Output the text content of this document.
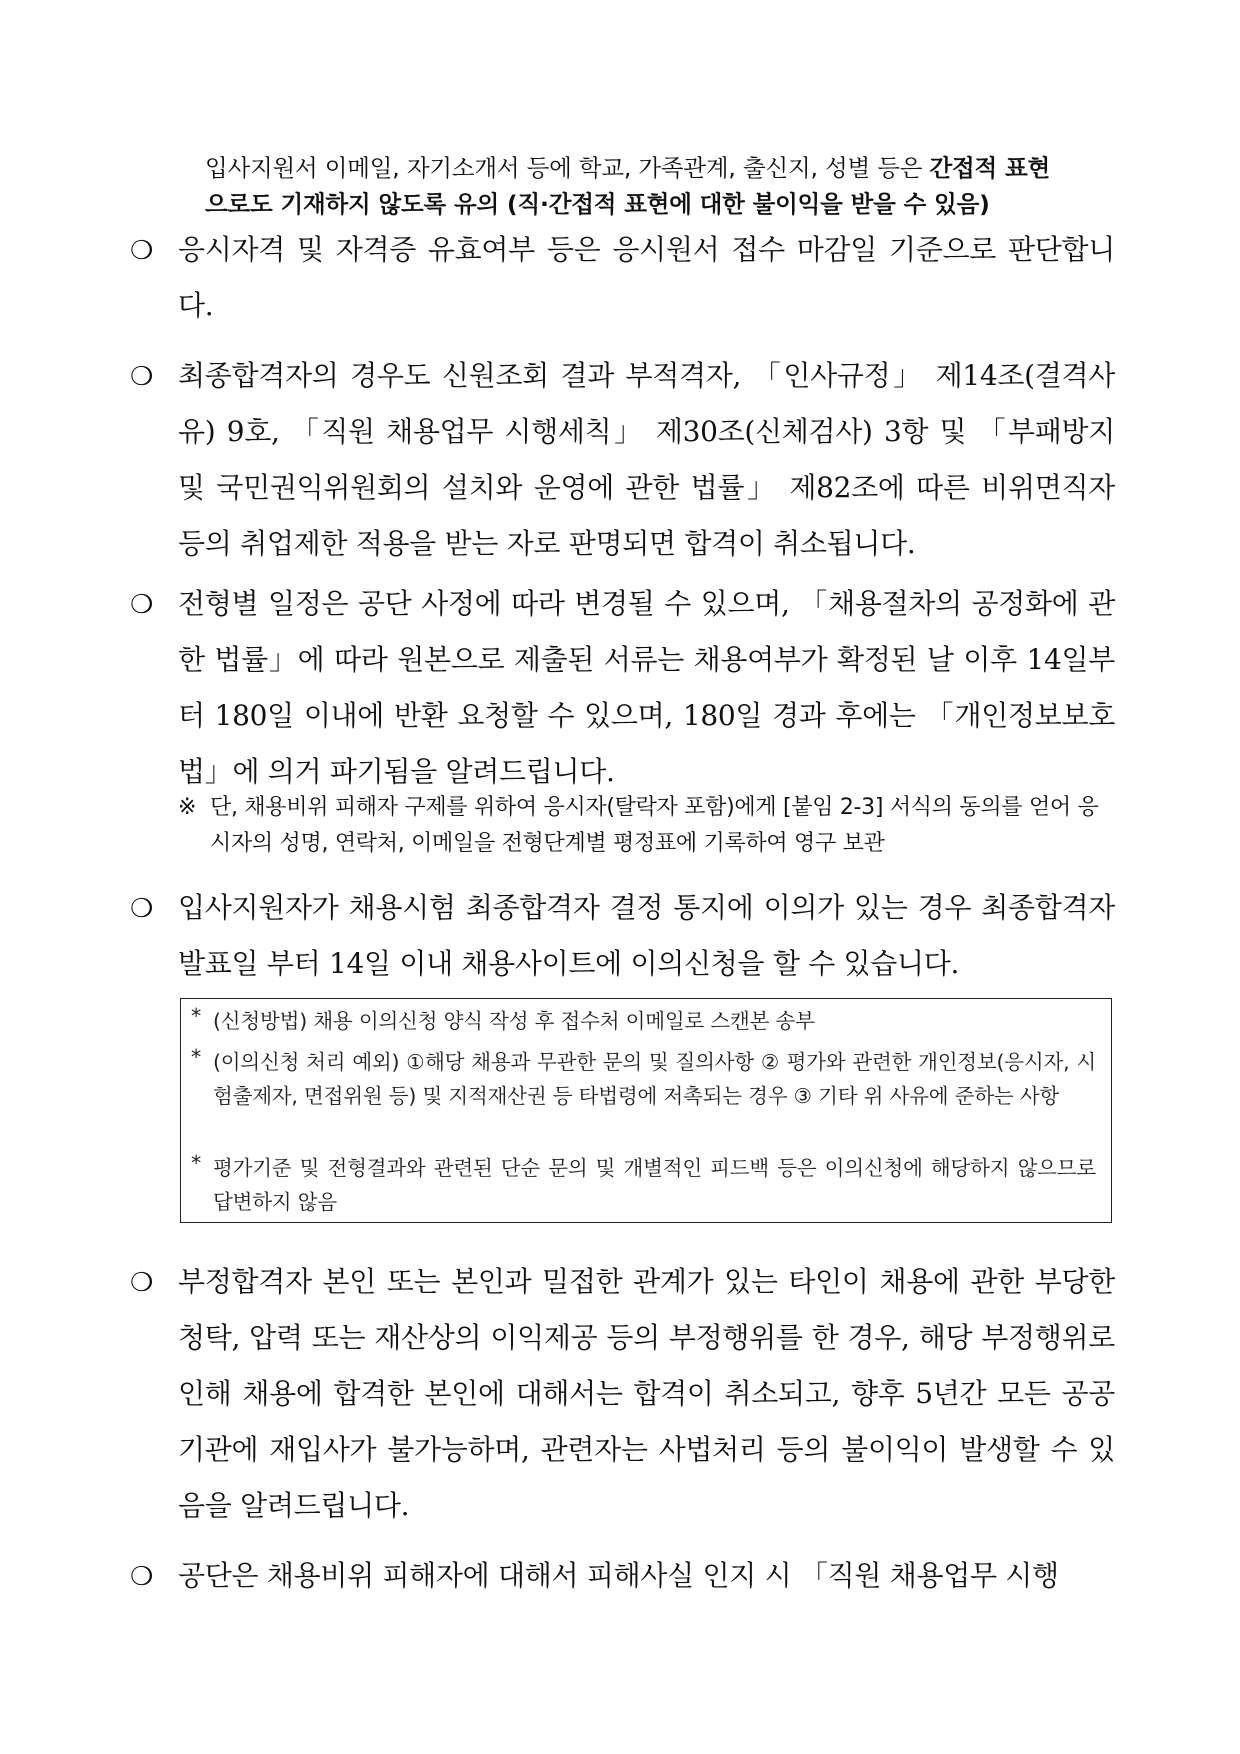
입사지원서 이메일, 자기소개서 등에 학교, 가족관계, 출신지, 성별 등은 간접적 표현
으로도 기재하지 않도록 유의 (직·간접적 표현에 대한 불이익을 받을 수 있음)
❍ 응시자격 및 자격증 유효여부 등은 응시원서 접수 마감일 기준으로 판단합니다.
❍ 최종합격자의 경우도 신원조회 결과 부적격자, 「인사규정」 제14조(결격사유) 9호, 「직원 채용업무 시행세칙」 제30조(신체검사) 3항 및 「부패방지 및 국민권익위원회의 설치와 운영에 관한 법률」 제82조에 따른 비위면직자 등의 취업제한 적용을 받는 자로 판명되면 합격이 취소됩니다.
❍ 전형별 일정은 공단 사정에 따라 변경될 수 있으며, 「채용절차의 공정화에 관한 법률」에 따라 원본으로 제출된 서류는 채용여부가 확정된 날 이후 14일부터 180일 이내에 반환 요청할 수 있으며, 180일 경과 후에는 「개인정보보호법」에 의거 파기됨을 알려드립니다.
※ 단, 채용비위 피해자 구제를 위하여 응시자(탈락자 포함)에게 [붙임 2-3] 서식의 동의를 얻어 응시자의 성명, 연락처, 이메일을 전형단계별 평정표에 기록하여 영구 보관
❍ 입사지원자가 채용시험 최종합격자 결정 통지에 이의가 있는 경우 최종합격자 발표일 부터 14일 이내 채용사이트에 이의신청을 할 수 있습니다.
* (신청방법) 채용 이의신청 양식 작성 후 접수처 이메일로 스캔본 송부
* (이의신청 처리 예외) ①해당 채용과 무관한 문의 및 질의사항 ② 평가와 관련한 개인정보(응시자, 시험출제자, 면접위원 등) 및 지적재산권 등 타법령에 저촉되는 경우 ③ 기타 위 사유에 준하는 사항
* 평가기준 및 전형결과와 관련된 단순 문의 및 개별적인 피드백 등은 이의신청에 해당하지 않으므로 답변하지 않음
❍ 부정합격자 본인 또는 본인과 밀접한 관계가 있는 타인이 채용에 관한 부당한 청탁, 압력 또는 재산상의 이익제공 등의 부정행위를 한 경우, 해당 부정행위로 인해 채용에 합격한 본인에 대해서는 합격이 취소되고, 향후 5년간 모든 공공기관에 재입사가 불가능하며, 관련자는 사법처리 등의 불이익이 발생할 수 있음을 알려드립니다.
❍ 공단은 채용비위 피해자에 대해서 피해사실 인지 시 「직원 채용업무 시행
